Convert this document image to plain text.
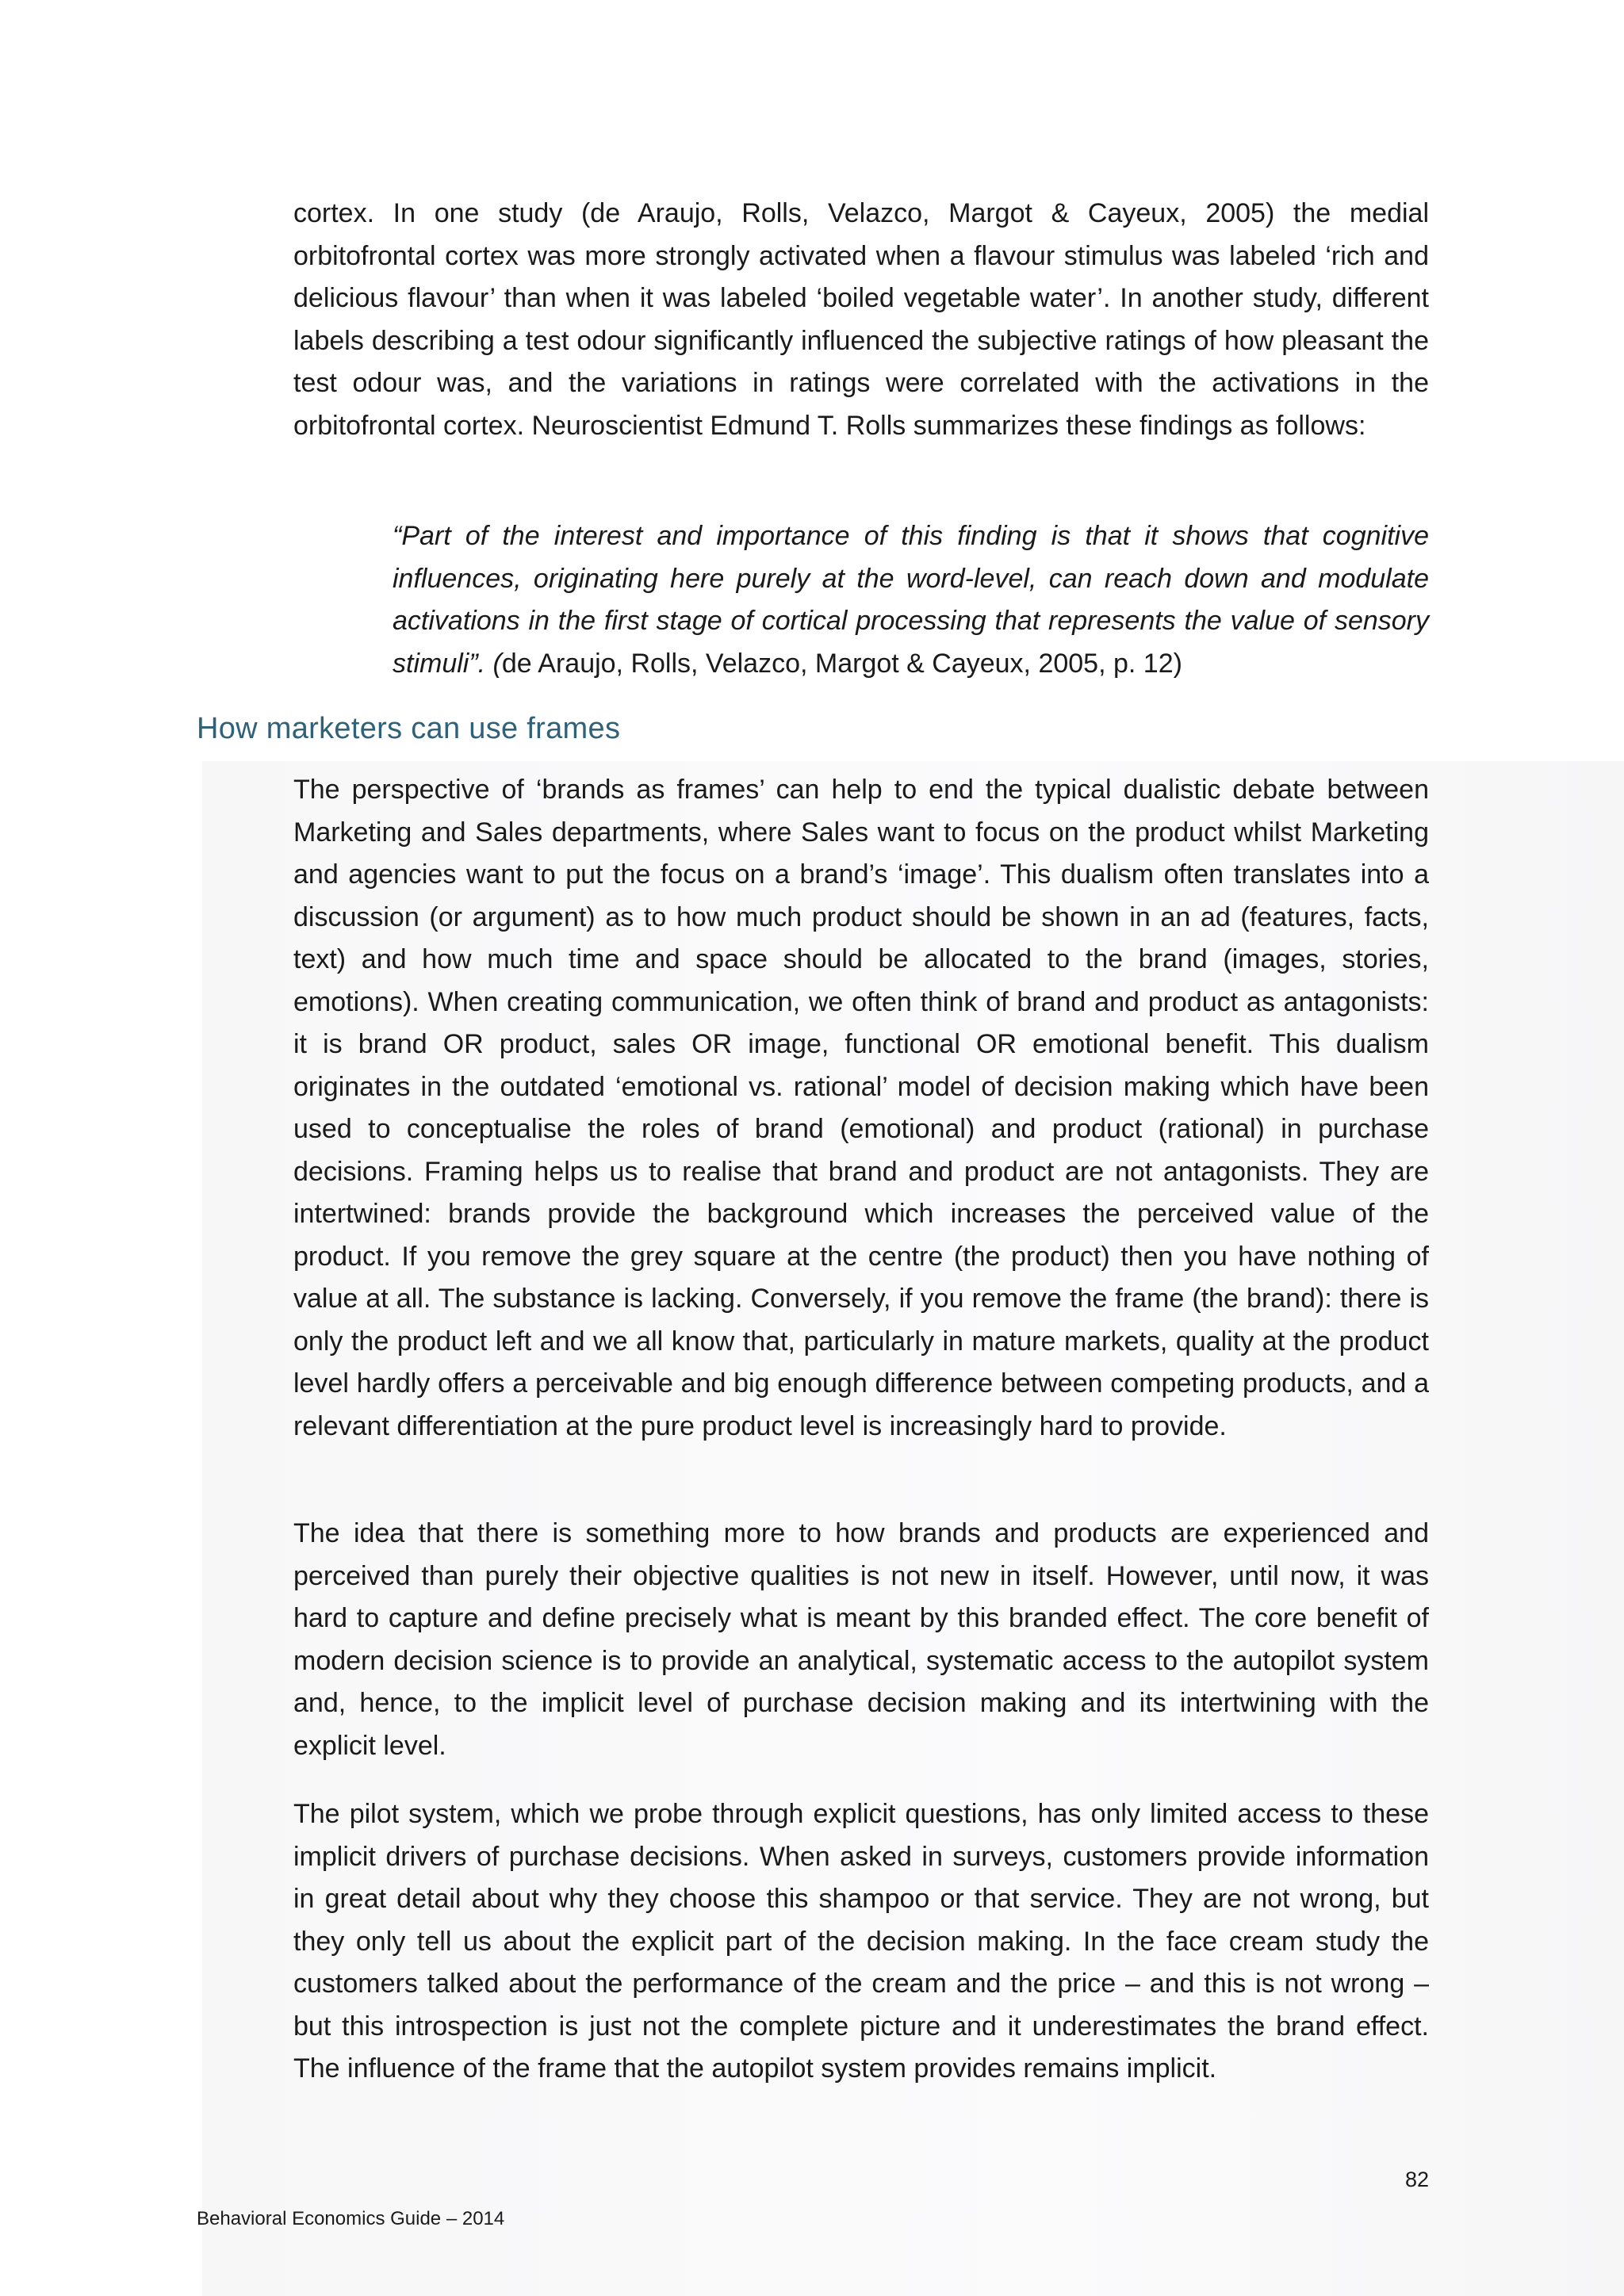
cortex. In one study (de Araujo, Rolls, Velazco, Margot & Cayeux, 2005) the medial orbitofrontal cortex was more strongly activated when a flavour stimulus was labeled ‘rich and delicious flavour’ than when it was labeled ‘boiled vegetable water’. In another study, different labels describing a test odour significantly influenced the subjective ratings of how pleasant the test odour was, and the variations in ratings were correlated with the activations in the orbitofrontal cortex. Neuroscientist Edmund T. Rolls summarizes these findings as follows:

“Part of the interest and importance of this finding is that it shows that cognitive influences, originating here purely at the word-level, can reach down and modulate activations in the first stage of cortical processing that represents the value of sensory stimuli”. (de Araujo, Rolls, Velazco, Margot & Cayeux, 2005, p. 12)
How marketers can use frames

The perspective of ‘brands as frames’ can help to end the typical dualistic debate between Marketing and Sales departments, where Sales want to focus on the product whilst Marketing and agencies want to put the focus on a brand’s ‘image’. This dualism often translates into a discussion (or argument) as to how much product should be shown in an ad (features, facts, text) and how much time and space should be allocated to the brand (images, stories, emotions). When creating communication, we often think of brand and product as antagonists: it is brand OR product, sales OR image, functional OR emotional benefit. This dualism originates in the outdated ‘emotional vs. rational’ model of decision making which have been used to conceptualise the roles of brand (emotional) and product (rational) in purchase decisions. Framing helps us to realise that brand and product are not antagonists. They are intertwined: brands provide the background which increases the perceived value of the product. If you remove the grey square at the centre (the product) then you have nothing of value at all. The substance is lacking. Conversely, if you remove the frame (the brand): there is only the product left and we all know that, particularly in mature markets, quality at the product level hardly offers a perceivable and big enough difference between competing products, and a relevant differentiation at the pure product level is increasingly hard to provide.

The idea that there is something more to how brands and products are experienced and perceived than purely their objective qualities is not new in itself. However, until now, it was hard to capture and define precisely what is meant by this branded effect. The core benefit of modern decision science is to provide an analytical, systematic access to the autopilot system and, hence, to the implicit level of purchase decision making and its intertwining with the explicit level.

The pilot system, which we probe through explicit questions, has only limited access to these implicit drivers of purchase decisions. When asked in surveys, customers provide information in great detail about why they choose this shampoo or that service. They are not wrong, but they only tell us about the explicit part of the decision making. In the face cream study the customers talked about the performance of the cream and the price – and this is not wrong – but this introspection is just not the complete picture and it underestimates the brand effect. The influence of the frame that the autopilot system provides remains implicit.

82
Behavioral Economics Guide – 2014
